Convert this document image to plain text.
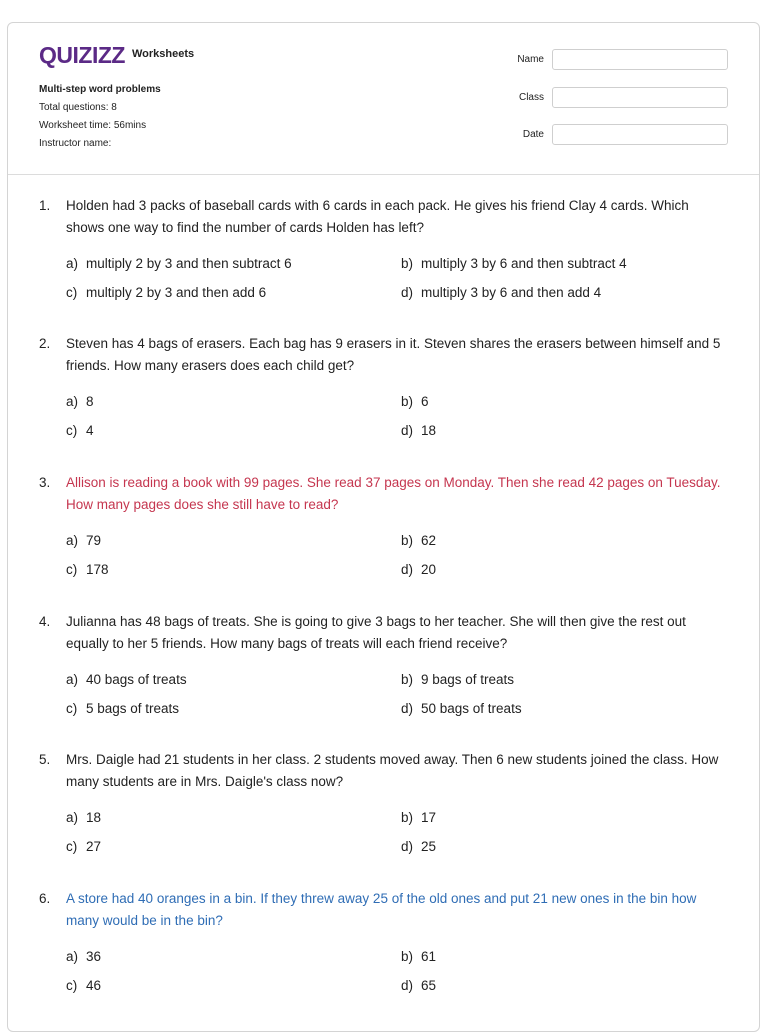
QUIZIZZ Worksheets
Multi-step word problems
Total questions: 8
Worksheet time: 56mins
Instructor name:
Name
Class
Date
1. Holden had 3 packs of baseball cards with 6 cards in each pack. He gives his friend Clay 4 cards. Which shows one way to find the number of cards Holden has left?
a) multiply 2 by 3 and then subtract 6	b) multiply 3 by 6 and then subtract 4
c) multiply 2 by 3 and then add 6	d) multiply 3 by 6 and then add 4
2. Steven has 4 bags of erasers. Each bag has 9 erasers in it. Steven shares the erasers between himself and 5 friends. How many erasers does each child get?
a) 8	b) 6
c) 4	d) 18
3. Allison is reading a book with 99 pages. She read 37 pages on Monday. Then she read 42 pages on Tuesday. How many pages does she still have to read?
a) 79	b) 62
c) 178	d) 20
4. Julianna has 48 bags of treats. She is going to give 3 bags to her teacher. She will then give the rest out equally to her 5 friends. How many bags of treats will each friend receive?
a) 40 bags of treats	b) 9 bags of treats
c) 5 bags of treats	d) 50 bags of treats
5. Mrs. Daigle had 21 students in her class. 2 students moved away. Then 6 new students joined the class. How many students are in Mrs. Daigle's class now?
a) 18	b) 17
c) 27	d) 25
6. A store had 40 oranges in a bin. If they threw away 25 of the old ones and put 21 new ones in the bin how many would be in the bin?
a) 36	b) 61
c) 46	d) 65
